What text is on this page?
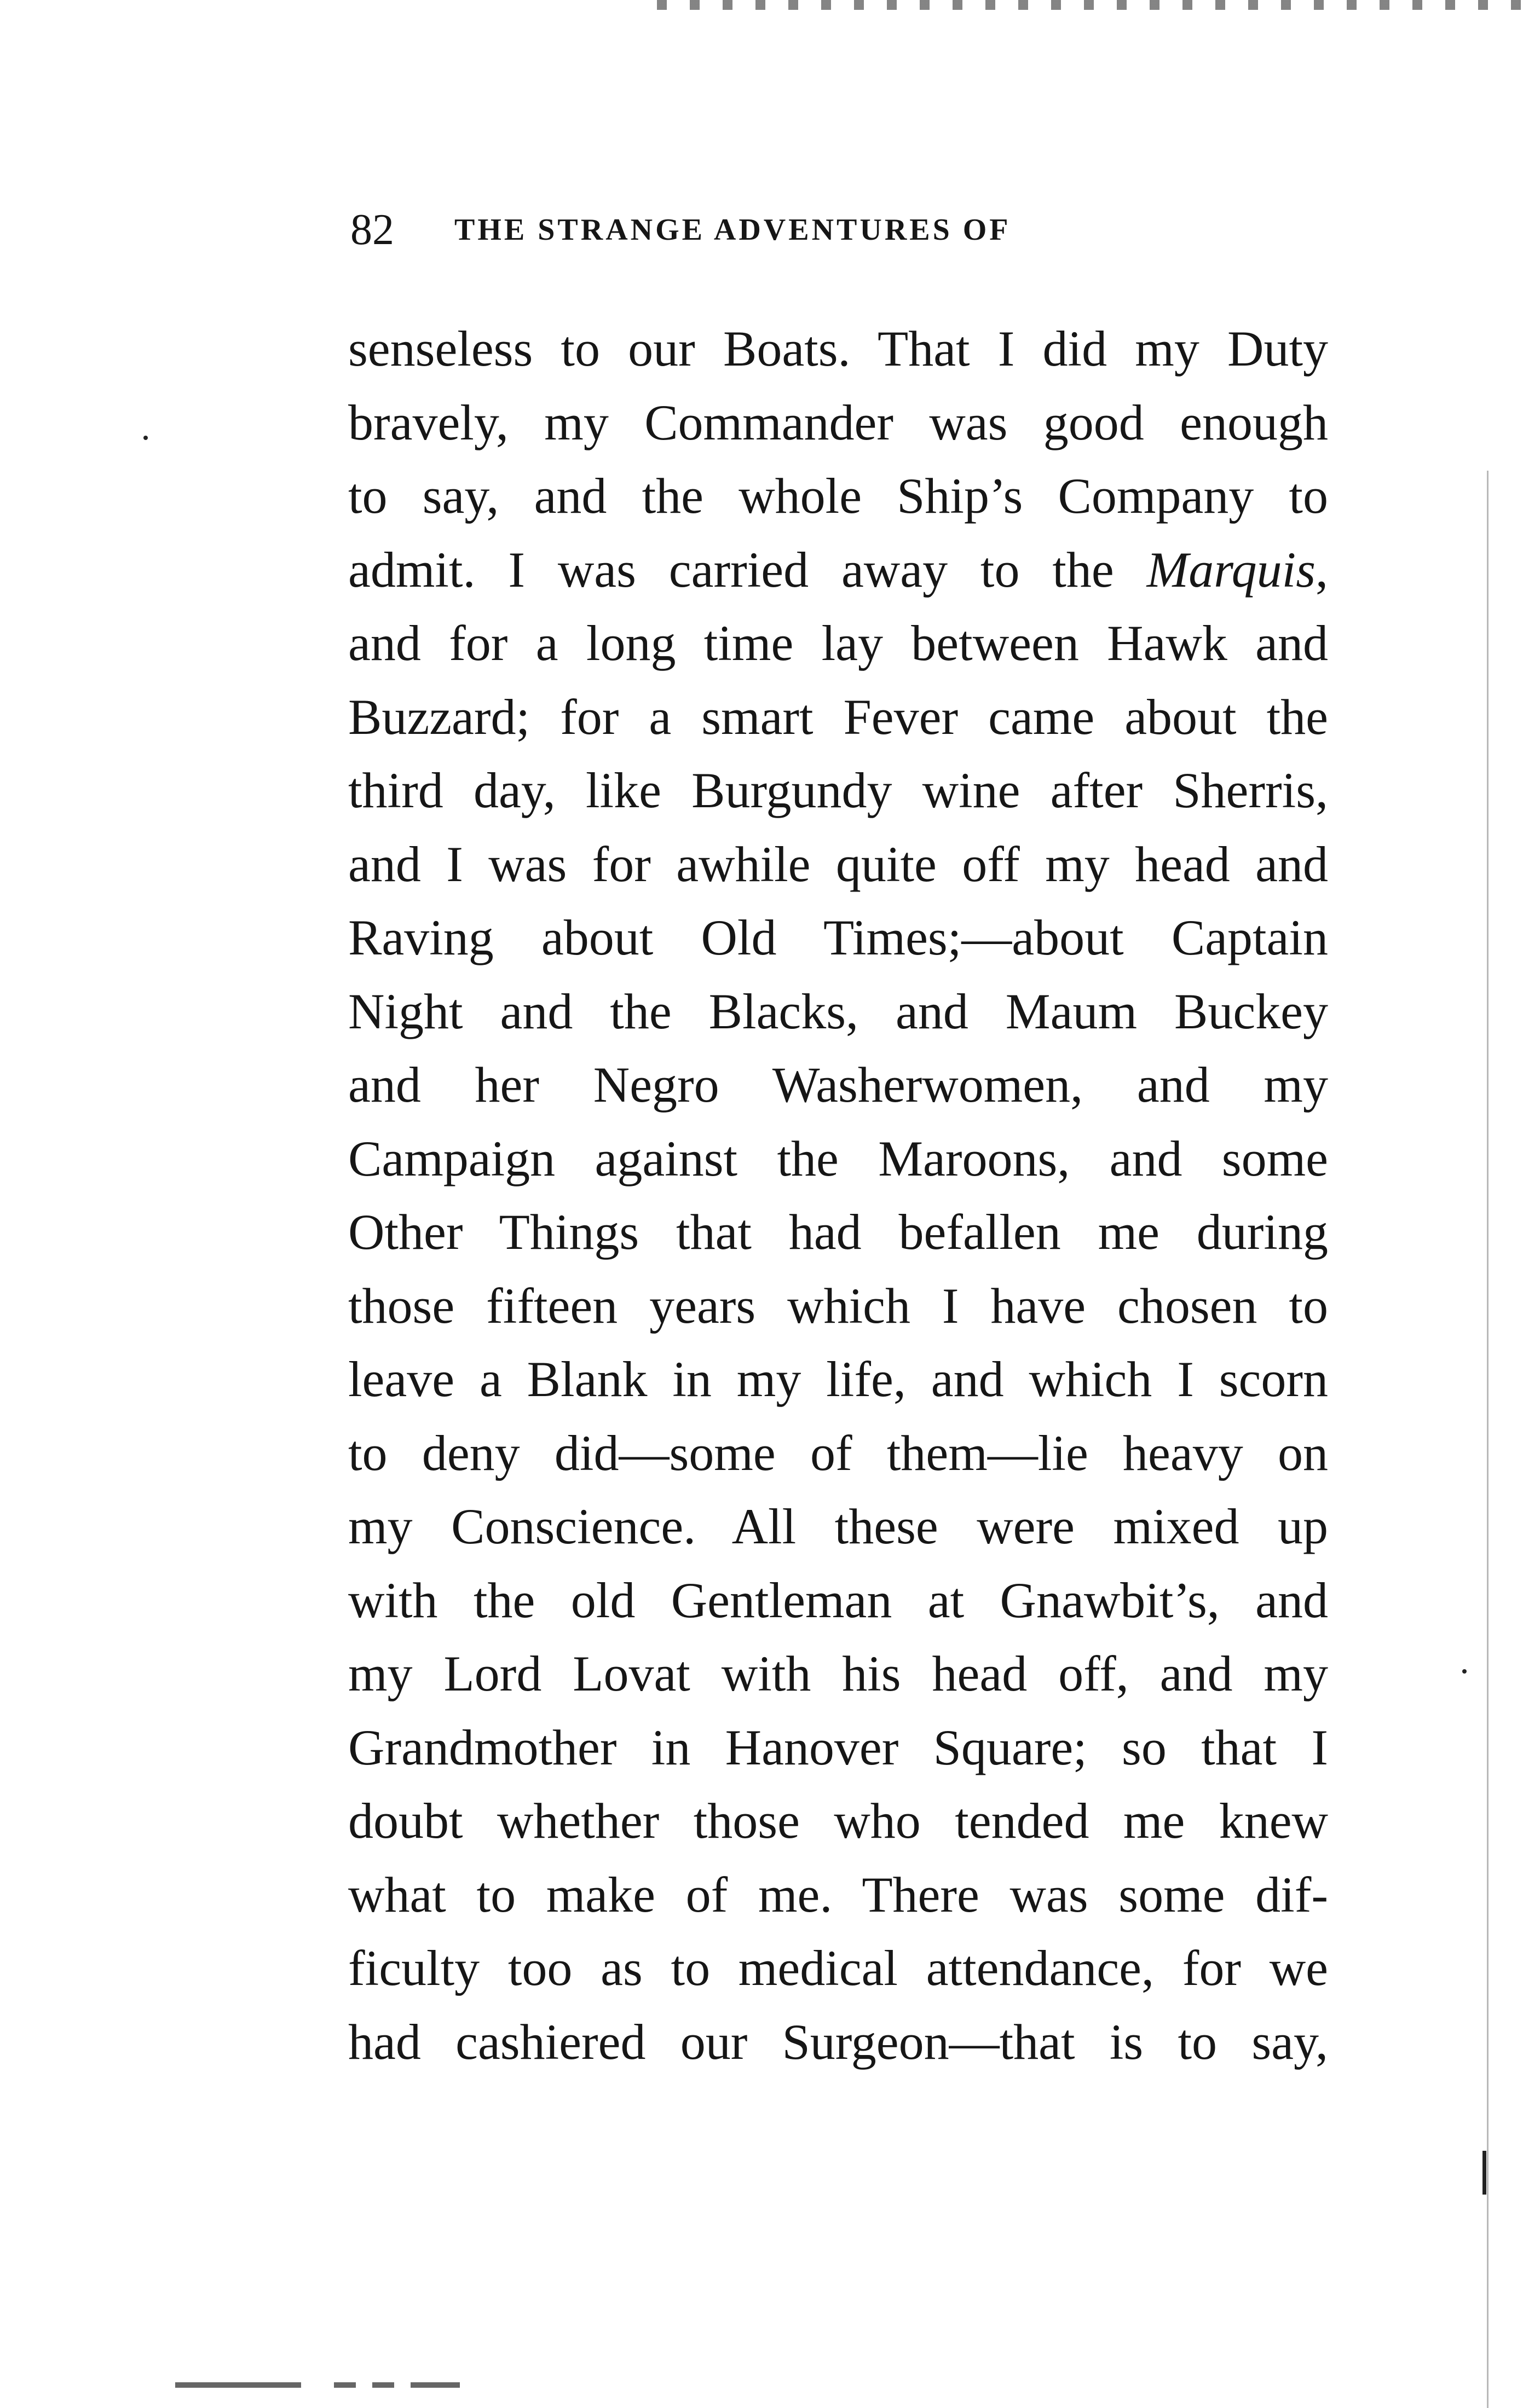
82 THE STRANGE ADVENTURES OF
senseless to our Boats. That I did my Duty
bravely, my Commander was good enough
to say, and the whole Ship’s Company to
admit. I was carried away to the Marquis,
and for a long time lay between Hawk and
Buzzard; for a smart Fever came about the
third day, like Burgundy wine after Sherris,
and I was for awhile quite off my head and
Raving about Old Times;—about Captain
Night and the Blacks, and Maum Buckey
and her Negro Washerwomen, and my
Campaign against the Maroons, and some
Other Things that had befallen me during
those fifteen years which I have chosen to
leave a Blank in my life, and which I scorn
to deny did—some of them—lie heavy on
my Conscience. All these were mixed up
with the old Gentleman at Gnawbit’s, and
my Lord Lovat with his head off, and my
Grandmother in Hanover Square; so that I
doubt whether those who tended me knew
what to make of me. There was some dif-
ficulty too as to medical attendance, for we
had cashiered our Surgeon—that is to say,
